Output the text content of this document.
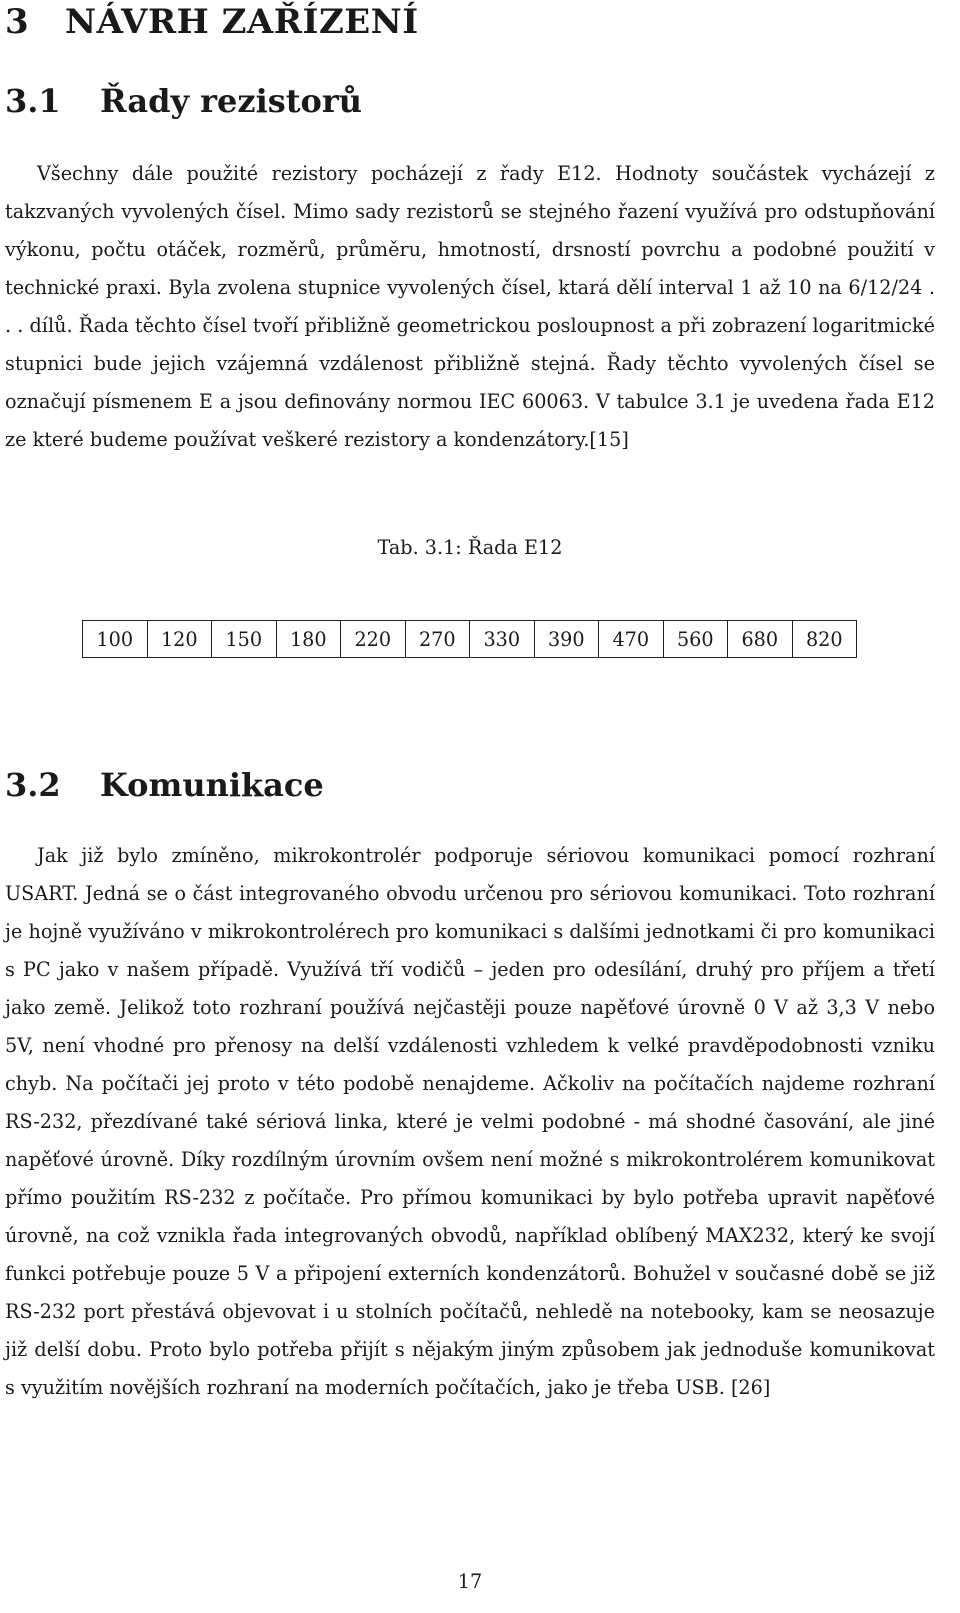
3 NÁVRH ZAŘÍZENÍ
3.1 Řady rezistorů

Všechny dále použité rezistory pocházejí z řady E12. Hodnoty součástek vycházejí z takzvaných vyvolených čísel. Mimo sady rezistorů se stejného řazení využívá pro odstupňování výkonu, počtu otáček, rozměrů, průměru, hmotností, drsností povrchu a podobné použití v technické praxi. Byla zvolena stupnice vyvolených čísel, ktará dělí interval 1 až 10 na 6/12/24 . . . dílů. Řada těchto čísel tvoří přibližně geometrickou posloupnost a při zobrazení logaritmické stupnici bude jejich vzájemná vzdálenost přibližně stejná. Řady těchto vyvolených čísel se označují písmenem E a jsou definovány normou IEC 60063. V tabulce 3.1 je uvedena řada E12 ze které budeme používat veškeré rezistory a kondenzátory.[15]

Tab. 3.1: Řada E12

100	120	150	180	220	270	330	390	470	560	680	820
3.2 Komunikace

Jak již bylo zmíněno, mikrokontrolér podporuje sériovou komunikaci pomocí rozhraní USART. Jedná se o část integrovaného obvodu určenou pro sériovou komunikaci. Toto rozhraní je hojně využíváno v mikrokontrolérech pro komunikaci s dalšími jednotkami či pro komunikaci s PC jako v našem případě. Využívá tří vodičů – jeden pro odesílání, druhý pro příjem a třetí jako země. Jelikož toto rozhraní používá nejčastěji pouze napěťové úrovně 0 V až 3,3 V nebo 5V, není vhodné pro přenosy na delší vzdálenosti vzhledem k velké pravděpodobnosti vzniku chyb. Na počítači jej proto v této podobě nenajdeme. Ačkoliv na počítačích najdeme rozhraní RS-232, přezdívané také sériová linka, které je velmi podobné - má shodné časování, ale jiné napěťové úrovně. Díky rozdílným úrovním ovšem není možné s mikrokontrolérem komunikovat přímo použitím RS-232 z počítače. Pro přímou komunikaci by bylo potřeba upravit napěťové úrovně, na což vznikla řada integrovaných obvodů, například oblíbený MAX232, který ke svojí funkci potřebuje pouze 5 V a připojení externích kondenzátorů. Bohužel v současné době se již RS-232 port přestává objevovat i u stolních počítačů, nehledě na notebooky, kam se neosazuje již delší dobu. Proto bylo potřeba přijít s nějakým jiným způsobem jak jednoduše komunikovat s využitím novějších rozhraní na moderních počítačích, jako je třeba USB. [26]

17
